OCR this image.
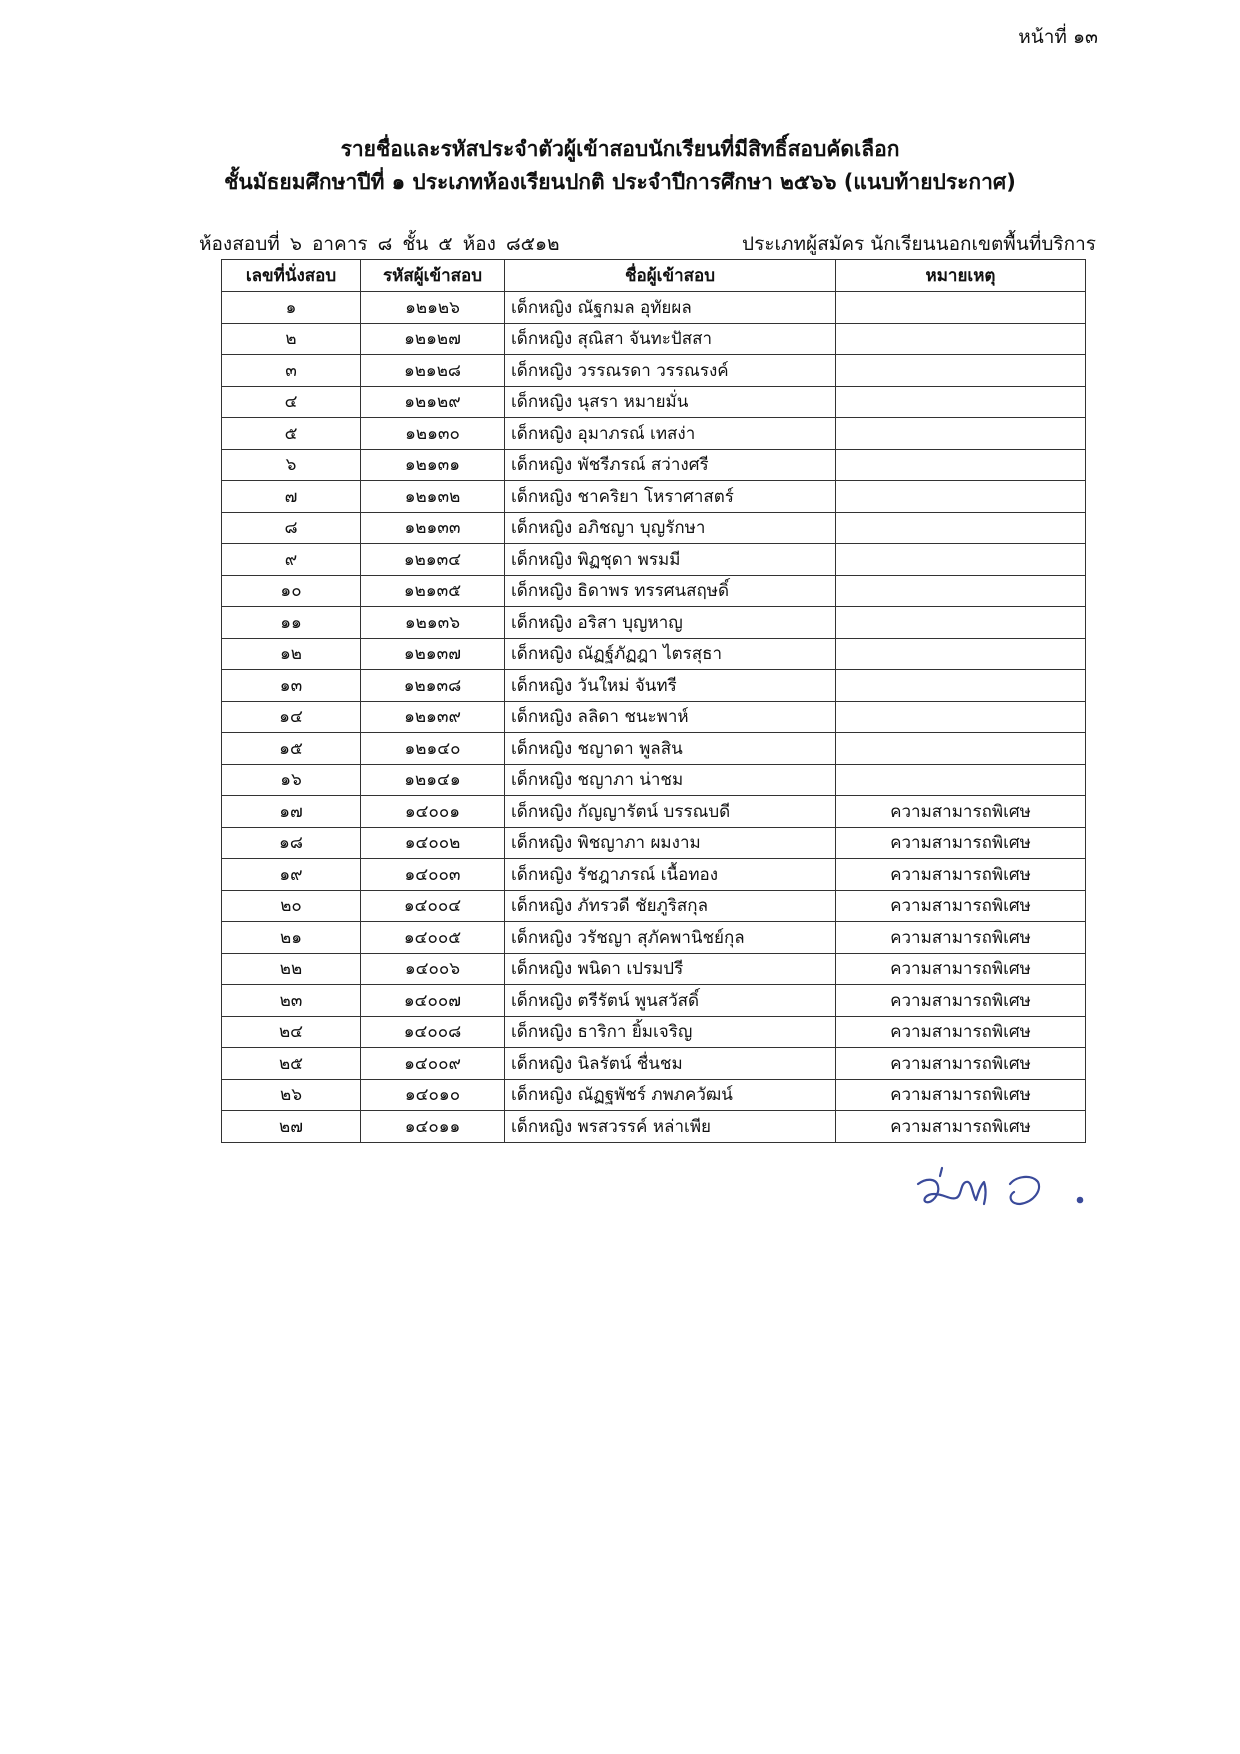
หน้าที่ ๑๓
รายชื่อและรหัสประจำตัวผู้เข้าสอบนักเรียนที่มีสิทธิ์สอบคัดเลือก
ชั้นมัธยมศึกษาปีที่ ๑ ประเภทห้องเรียนปกติ ประจำปีการศึกษา ๒๕๖๖ (แนบท้ายประกาศ)
ห้องสอบที่ ๖ อาคาร ๘ ชั้น ๕ ห้อง ๘๕๑๒	ประเภทผู้สมัคร นักเรียนนอกเขตพื้นที่บริการ
เลขที่นั่งสอบ	รหัสผู้เข้าสอบ	ชื่อผู้เข้าสอบ	หมายเหตุ
๑	๑๒๑๒๖	เด็กหญิง ณัฐกมล อุทัยผล	
๒	๑๒๑๒๗	เด็กหญิง สุณิสา จันทะปัสสา	
๓	๑๒๑๒๘	เด็กหญิง วรรณรดา วรรณรงค์	
๔	๑๒๑๒๙	เด็กหญิง นุสรา หมายมั่น	
๕	๑๒๑๓๐	เด็กหญิง อุมาภรณ์ เทสง่า	
๖	๑๒๑๓๑	เด็กหญิง พัชรีภรณ์ สว่างศรี	
๗	๑๒๑๓๒	เด็กหญิง ชาคริยา โหราศาสตร์	
๘	๑๒๑๓๓	เด็กหญิง อภิชญา บุญรักษา	
๙	๑๒๑๓๔	เด็กหญิง พิฏชุดา พรมมี	
๑๐	๑๒๑๓๕	เด็กหญิง ธิดาพร ทรรศนสฤษดิ์	
๑๑	๑๒๑๓๖	เด็กหญิง อริสา บุญหาญ	
๑๒	๑๒๑๓๗	เด็กหญิง ณัฏฐ์ภัฏฎา ไตรสุธา	
๑๓	๑๒๑๓๘	เด็กหญิง วันใหม่ จันทรี	
๑๔	๑๒๑๓๙	เด็กหญิง ลลิดา ชนะพาห์	
๑๕	๑๒๑๔๐	เด็กหญิง ชญาดา พูลสิน	
๑๖	๑๒๑๔๑	เด็กหญิง ชญาภา น่าชม	
๑๗	๑๔๐๐๑	เด็กหญิง กัญญารัตน์ บรรณบดี	ความสามารถพิเศษ
๑๘	๑๔๐๐๒	เด็กหญิง พิชญาภา ผมงาม	ความสามารถพิเศษ
๑๙	๑๔๐๐๓	เด็กหญิง รัชฎาภรณ์ เนื้อทอง	ความสามารถพิเศษ
๒๐	๑๔๐๐๔	เด็กหญิง ภัทรวดี ชัยภูริสกุล	ความสามารถพิเศษ
๒๑	๑๔๐๐๕	เด็กหญิง วรัชญา สุภัคพานิชย์กุล	ความสามารถพิเศษ
๒๒	๑๔๐๐๖	เด็กหญิง พนิดา เปรมปรี	ความสามารถพิเศษ
๒๓	๑๔๐๐๗	เด็กหญิง ตรีรัตน์ พูนสวัสดิ์	ความสามารถพิเศษ
๒๔	๑๔๐๐๘	เด็กหญิง ธาริกา ยิ้มเจริญ	ความสามารถพิเศษ
๒๕	๑๔๐๐๙	เด็กหญิง นิลรัตน์ ชื่นชม	ความสามารถพิเศษ
๒๖	๑๔๐๑๐	เด็กหญิง ณัฏฐพัชร์ ภพภควัฒน์	ความสามารถพิเศษ
๒๗	๑๔๐๑๑	เด็กหญิง พรสวรรค์ หล่าเพีย	ความสามารถพิเศษ
